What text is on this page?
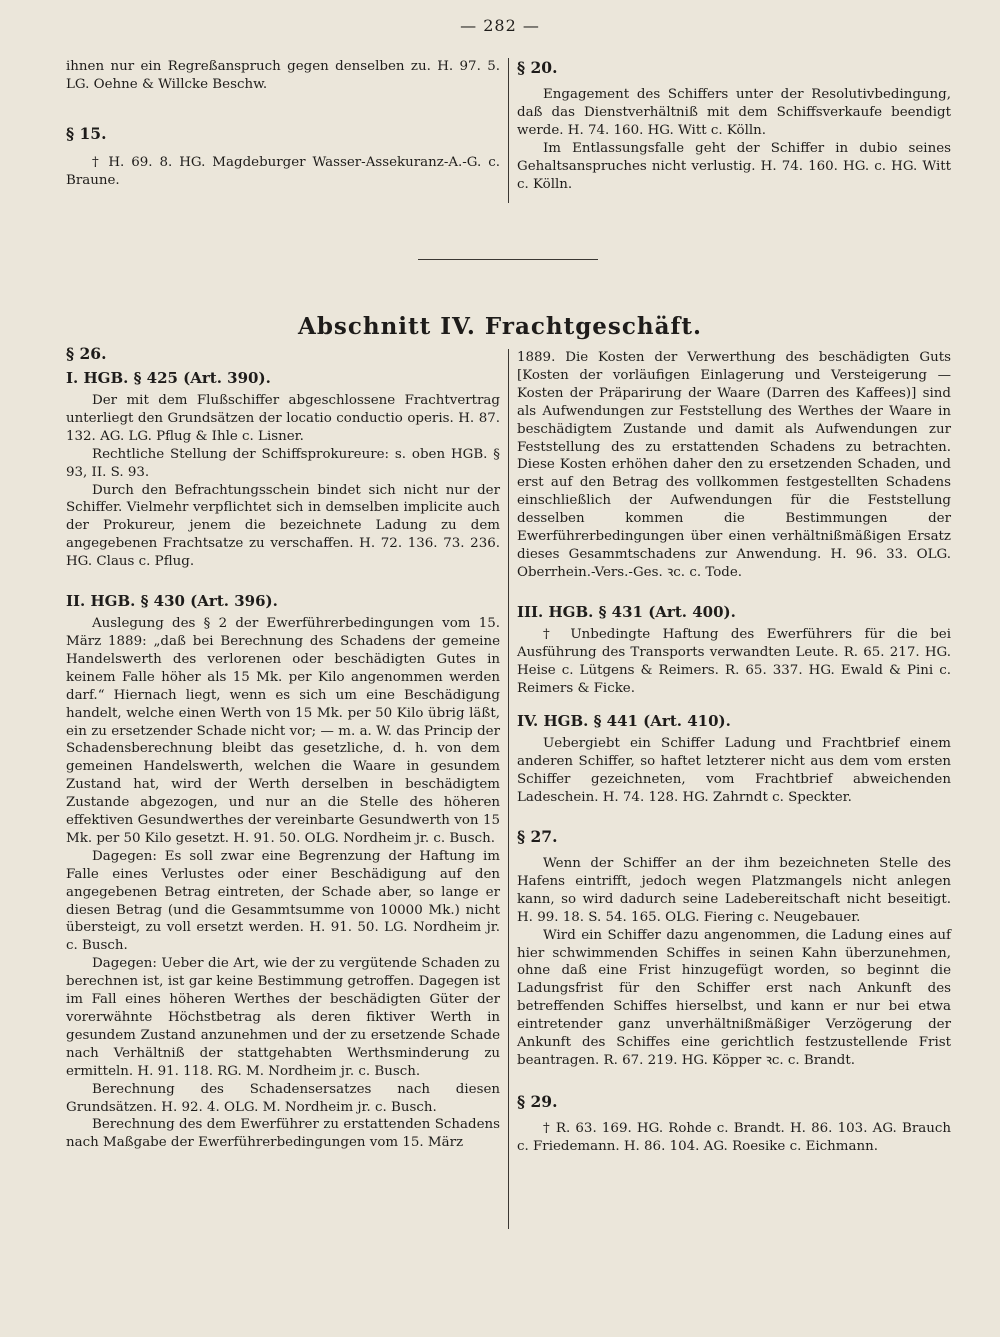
— 282 —

ihnen nur ein Regreßanspruch gegen denselben zu. H. 97. 5. LG. Oehne & Willcke Beschw.

§ 15.

† H. 69. 8. HG. Magdeburger Wasser-Assekuranz-A.-G. c. Braune.

§ 20.

Engagement des Schiffers unter der Resolutivbedingung, daß das Dienstverhältniß mit dem Schiffsverkaufe beendigt werde. H. 74. 160. HG. Witt c. Kölln.

Im Entlassungsfalle geht der Schiffer in dubio seines Gehaltsanspruches nicht verlustig. H. 74. 160. HG. c. HG. Witt c. Kölln.

Abschnitt IV. Frachtgeschäft.

§ 26.

I. HGB. § 425 (Art. 390).

Der mit dem Flußschiffer abgeschlossene Frachtvertrag unterliegt den Grundsätzen der locatio conductio operis. H. 87. 132. AG. LG. Pflug & Ihle c. Lisner.

Rechtliche Stellung der Schiffsprokureure: s. oben HGB. § 93, II. S. 93.

Durch den Befrachtungsschein bindet sich nicht nur der Schiffer. Vielmehr verpflichtet sich in demselben implicite auch der Prokureur, jenem die bezeichnete Ladung zu dem angegebenen Frachtsatze zu verschaffen. H. 72. 136. 73. 236. HG. Claus c. Pflug.

II. HGB. § 430 (Art. 396).

Auslegung des § 2 der Ewerführerbedingungen vom 15. März 1889: „daß bei Berechnung des Schadens der gemeine Handelswerth des verlorenen oder beschädigten Gutes in keinem Falle höher als 15 Mk. per Kilo angenommen werden darf.“ Hiernach liegt, wenn es sich um eine Beschädigung handelt, welche einen Werth von 15 Mk. per 50 Kilo übrig läßt, ein zu ersetzender Schade nicht vor; — m. a. W. das Princip der Schadensberechnung bleibt das gesetzliche, d. h. von dem gemeinen Handelswerth, welchen die Waare in gesundem Zustand hat, wird der Werth derselben in beschädigtem Zustande abgezogen, und nur an die Stelle des höheren effektiven Gesundwerthes der vereinbarte Gesundwerth von 15 Mk. per 50 Kilo gesetzt. H. 91. 50. OLG. Nordheim jr. c. Busch.

Dagegen: Es soll zwar eine Begrenzung der Haftung im Falle eines Verlustes oder einer Beschädigung auf den angegebenen Betrag eintreten, der Schade aber, so lange er diesen Betrag (und die Gesammtsumme von 10000 Mk.) nicht übersteigt, zu voll ersetzt werden. H. 91. 50. LG. Nordheim jr. c. Busch.

Dagegen: Ueber die Art, wie der zu vergütende Schaden zu berechnen ist, ist gar keine Bestimmung getroffen. Dagegen ist im Fall eines höheren Werthes der beschädigten Güter der vorerwähnte Höchstbetrag als deren fiktiver Werth in gesundem Zustand anzunehmen und der zu ersetzende Schade nach Verhältniß der stattgehabten Werthsminderung zu ermitteln. H. 91. 118. RG. M. Nordheim jr. c. Busch.

Berechnung des Schadensersatzes nach diesen Grundsätzen. H. 92. 4. OLG. M. Nordheim jr. c. Busch.

Berechnung des dem Ewerführer zu erstattenden Schadens nach Maßgabe der Ewerführerbedingungen vom 15. März

1889. Die Kosten der Verwerthung des beschädigten Guts [Kosten der vorläufigen Einlagerung und Versteigerung — Kosten der Präparirung der Waare (Darren des Kaffees)] sind als Aufwendungen zur Feststellung des Werthes der Waare in beschädigtem Zustande und damit als Aufwendungen zur Feststellung des zu erstattenden Schadens zu betrachten. Diese Kosten erhöhen daher den zu ersetzenden Schaden, und erst auf den Betrag des vollkommen festgestellten Schadens einschließlich der Aufwendungen für die Feststellung desselben kommen die Bestimmungen der Ewerführerbedingungen über einen verhältnißmäßigen Ersatz dieses Gesammtschadens zur Anwendung. H. 96. 33. OLG. Oberrhein.-Vers.-Ges. ꝛc. c. Tode.

III. HGB. § 431 (Art. 400).

† Unbedingte Haftung des Ewerführers für die bei Ausführung des Transports verwandten Leute. R. 65. 217. HG. Heise c. Lütgens & Reimers. R. 65. 337. HG. Ewald & Pini c. Reimers & Ficke.

IV. HGB. § 441 (Art. 410).

Uebergiebt ein Schiffer Ladung und Frachtbrief einem anderen Schiffer, so haftet letzterer nicht aus dem vom ersten Schiffer gezeichneten, vom Frachtbrief abweichenden Ladeschein. H. 74. 128. HG. Zahrndt c. Speckter.

§ 27.

Wenn der Schiffer an der ihm bezeichneten Stelle des Hafens eintrifft, jedoch wegen Platzmangels nicht anlegen kann, so wird dadurch seine Ladebereitschaft nicht beseitigt. H. 99. 18. S. 54. 165. OLG. Fiering c. Neugebauer.

Wird ein Schiffer dazu angenommen, die Ladung eines auf hier schwimmenden Schiffes in seinen Kahn überzunehmen, ohne daß eine Frist hinzugefügt worden, so beginnt die Ladungsfrist für den Schiffer erst nach Ankunft des betreffenden Schiffes hierselbst, und kann er nur bei etwa eintretender ganz unverhältnißmäßiger Verzögerung der Ankunft des Schiffes eine gerichtlich festzustellende Frist beantragen. R. 67. 219. HG. Köpper ꝛc. c. Brandt.

§ 29.

† R. 63. 169. HG. Rohde c. Brandt. H. 86. 103. AG. Brauch c. Friedemann. H. 86. 104. AG. Roesike c. Eichmann.
